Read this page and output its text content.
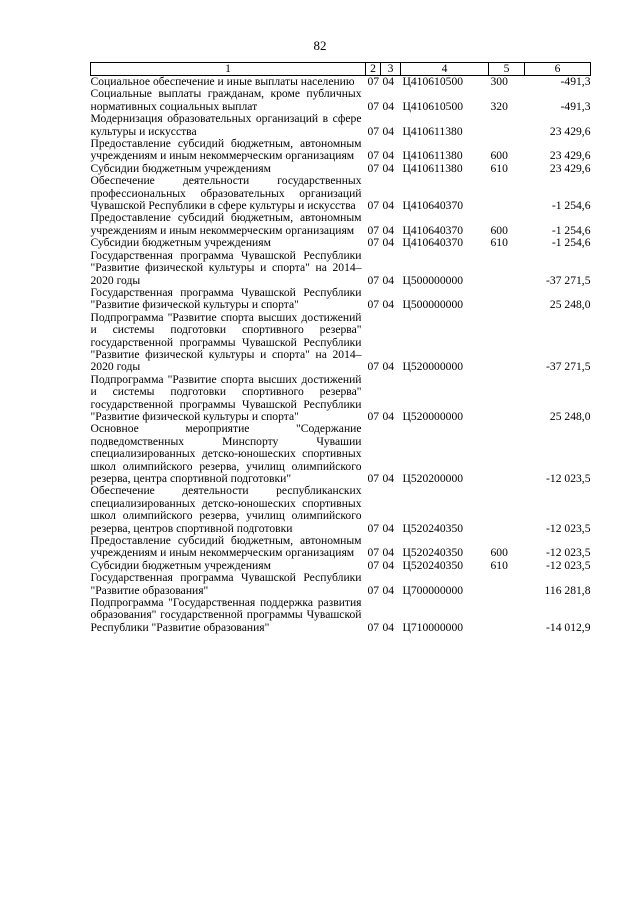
82
1	2	3	4	5	6
Социальное обеспечение и иные выплаты населению	07	04	Ц410610500	300	-491,3
Социальные выплаты гражданам, кроме публичных нормативных социальных выплат	07	04	Ц410610500	320	-491,3
Модернизация образовательных организаций в сфере культуры и искусства	07	04	Ц410611380		23 429,6
Предоставление субсидий бюджетным, автономным учреждениям и иным некоммерческим организациям	07	04	Ц410611380	600	23 429,6
Субсидии бюджетным учреждениям	07	04	Ц410611380	610	23 429,6
Обеспечение деятельности государственных профессиональных образовательных организаций Чувашской Республики в сфере культуры и искусства	07	04	Ц410640370		-1 254,6
Предоставление субсидий бюджетным, автономным учреждениям и иным некоммерческим организациям	07	04	Ц410640370	600	-1 254,6
Субсидии бюджетным учреждениям	07	04	Ц410640370	610	-1 254,6
Государственная программа Чувашской Республики "Развитие физической культуры и спорта" на 2014–2020 годы	07	04	Ц500000000		-37 271,5
Государственная программа Чувашской Республики "Развитие физической культуры и спорта"	07	04	Ц500000000		25 248,0
Подпрограмма "Развитие спорта высших достижений и системы подготовки спортивного резерва" государственной программы Чувашской Республики "Развитие физической культуры и спорта" на 2014–2020 годы	07	04	Ц520000000		-37 271,5
Подпрограмма "Развитие спорта высших достижений и системы подготовки спортивного резерва" государственной программы Чувашской Республики "Развитие физической культуры и спорта"	07	04	Ц520000000		25 248,0
Основное мероприятие "Содержание подведомственных Минспорту Чувашии специализированных детско-юношеских спортивных школ олимпийского резерва, училищ олимпийского резерва, центра спортивной подготовки"	07	04	Ц520200000		-12 023,5
Обеспечение деятельности республиканских специализированных детско-юношеских спортивных школ олимпийского резерва, училищ олимпийского резерва, центров спортивной подготовки	07	04	Ц520240350		-12 023,5
Предоставление субсидий бюджетным, автономным учреждениям и иным некоммерческим организациям	07	04	Ц520240350	600	-12 023,5
Субсидии бюджетным учреждениям	07	04	Ц520240350	610	-12 023,5
Государственная программа Чувашской Республики "Развитие образования"	07	04	Ц700000000		116 281,8
Подпрограмма "Государственная поддержка развития образования" государственной программы Чувашской Республики "Развитие образования"	07	04	Ц710000000		-14 012,9
